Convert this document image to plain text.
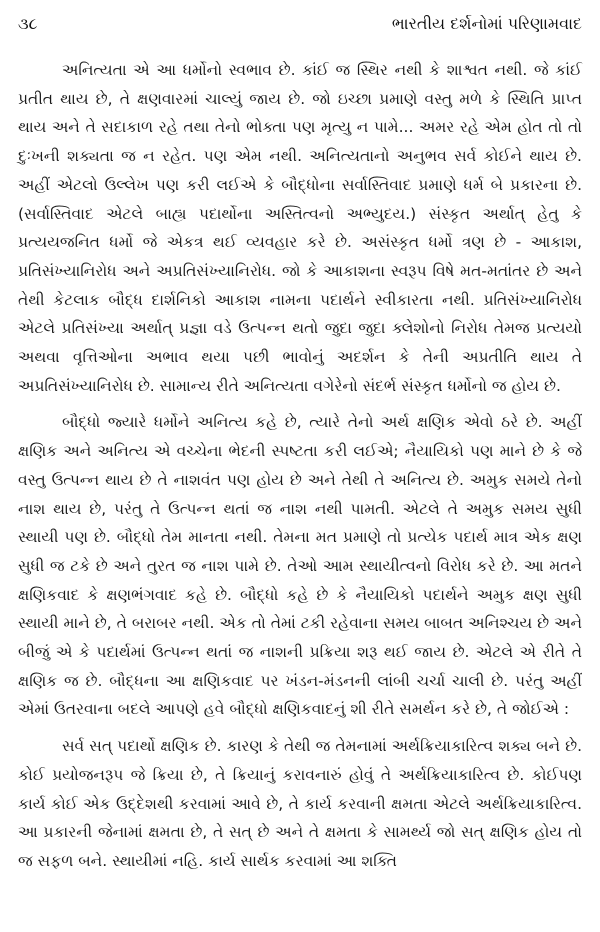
૩૮	ભારતીય દર્શનોમાં પરિણામવાદ

અનિત્યતા એ આ ધર્મોનો સ્વભાવ છે. કાંઈ જ સ્થિર નથી કે શાશ્વત નથી. જે કાંઈ પ્રતીત થાય છે, તે ક્ષણવારમાં ચાલ્યું જાય છે. જો ઇચ્છા પ્રમાણે વસ્તુ મળે કે સ્થિતિ પ્રાપ્ત થાય અને તે સદાકાળ રહે તથા તેનો ભોક્તા પણ મૃત્યુ ન પામે... અમર રહે એમ હોત તો તો દુઃખની શક્યતા જ ન રહેત. પણ એમ નથી. અનિત્યતાનો અનુભવ સર્વ કોઈને થાય છે. અહીં એટલો ઉલ્લેખ પણ કરી લઈએ કે બૌદ્ધોના સર્વાસ્તિવાદ પ્રમાણે ધર્મ બે પ્રકારના છે. (સર્વાસ્તિવાદ એટલે બાહ્ય પદાર્થોના અસ્તિત્વનો અભ્યુદય.) સંસ્કૃત અર્થાત્ હેતુ કે પ્રત્યયજનિત ધર્મો જે એકત્ર થઈ વ્યવહાર કરે છે. અસંસ્કૃત ધર્મો ત્રણ છે - આકાશ, પ્રતિસંખ્યાનિરોધ અને અપ્રતિસંખ્યાનિરોધ. જો કે આકાશના સ્વરૂપ વિષે મત-મતાંતર છે અને તેથી કેટલાક બૌદ્ધ દાર્શનિકો આકાશ નામના પદાર્થને સ્વીકારતા નથી. પ્રતિસંખ્યાનિરોધ એટલે પ્રતિસંખ્યા અર્થાત્ પ્રજ્ઞા વડે ઉત્પન્ન થતો જુદા જુદા ક્લેશોનો નિરોધ તેમજ પ્રત્યયો અથવા વૃત્તિઓના અભાવ થયા પછી ભાવોનું અદર્શન કે તેની અપ્રતીતિ થાય તે અપ્રતિસંખ્યાનિરોધ છે. સામાન્ય રીતે અનિત્યતા વગેરેનો સંદર્ભ સંસ્કૃત ધર્મોનો જ હોય છે.

બૌદ્ધો જ્યારે ધર્મોને અનિત્ય કહે છે, ત્યારે તેનો અર્થ ક્ષણિક એવો ઠરે છે. અહીં ક્ષણિક અને અનિત્ય એ વચ્ચેના ભેદની સ્પષ્ટતા કરી લઈએ; નૈયાયિકો પણ માને છે કે જે વસ્તુ ઉત્પન્ન થાય છે તે નાશવંત પણ હોય છે અને તેથી તે અનિત્ય છે. અમુક સમયે તેનો નાશ થાય છે, પરંતુ તે ઉત્પન્ન થતાં જ નાશ નથી પામતી. એટલે તે અમુક સમય સુધી સ્થાયી પણ છે. બૌદ્ધો તેમ માનતા નથી. તેમના મત પ્રમાણે તો પ્રત્યેક પદાર્થ માત્ર એક ક્ષણ સુધી જ ટકે છે અને તુરત જ નાશ પામે છે. તેઓ આમ સ્થાયીત્વનો વિરોધ કરે છે. આ મતને ક્ષણિકવાદ કે ક્ષણભંગવાદ કહે છે. બૌદ્ધો કહે છે કે નૈયાયિકો પદાર્થને અમુક ક્ષણ સુધી સ્થાયી માને છે, તે બરાબર નથી. એક તો તેમાં ટકી રહેવાના સમય બાબત અનિશ્ચય છે અને બીજું એ કે પદાર્થમાં ઉત્પન્ન થતાં જ નાશની પ્રક્રિયા શરૂ થઈ જાય છે. એટલે એ રીતે તે ક્ષણિક જ છે. બૌદ્ધના આ ક્ષણિકવાદ પર ખંડન-મંડનની લાંબી ચર્ચા ચાલી છે. પરંતુ અહીં એમાં ઉતરવાના બદલે આપણે હવે બૌદ્ધો ક્ષણિકવાદનું શી રીતે સમર્થન કરે છે, તે જોઈએ :

સર્વ સત્ પદાર્થો ક્ષણિક છે. કારણ કે તેથી જ તેમનામાં અર્થક્રિયાકારિત્વ શક્ય બને છે. કોઈ પ્રયોજનરૂપ જે ક્રિયા છે, તે ક્રિયાનું કરાવનારું હોવું તે અર્થક્રિયાકારિત્વ છે. કોઈપણ કાર્ય કોઈ એક ઉદ્દેશથી કરવામાં આવે છે, તે કાર્ય કરવાની ક્ષમતા એટલે અર્થક્રિયાકારિત્વ. આ પ્રકારની જેનામાં ક્ષમતા છે, તે સત્ છે અને તે ક્ષમતા કે સામર્થ્ય જો સત્ ક્ષણિક હોય તો જ સફળ બને. સ્થાયીમાં નહિ. કાર્ય સાર્થક કરવામાં આ શક્તિ
